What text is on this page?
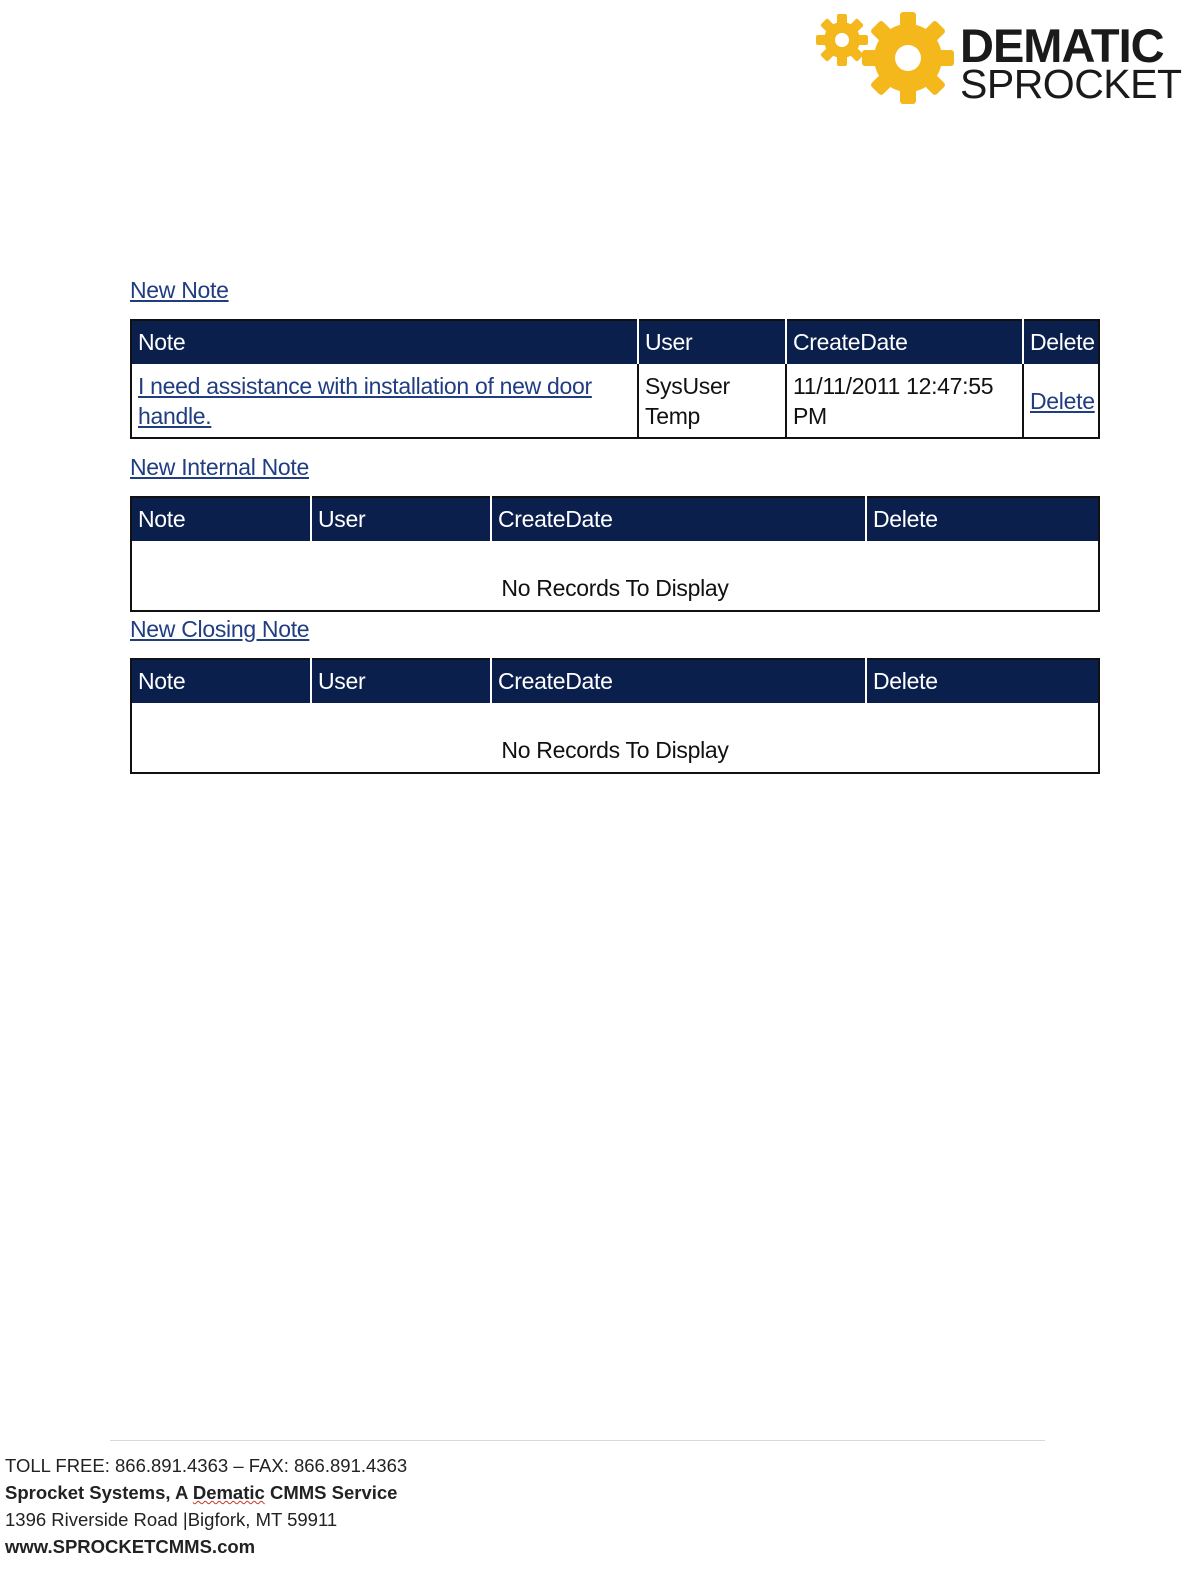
DEMATIC
SPROCKET
New Note
Note	User	CreateDate	Delete
I need assistance with installation of new door handle.	SysUser Temp	11/11/2011 12:47:55 PM	Delete
New Internal Note

Note	User	CreateDate	Delete
No Records To Display
New Closing Note

Note	User	CreateDate	Delete
No Records To Display
TOLL FREE: 866.891.4363 – FAX: 866.891.4363
Sprocket Systems, A Dematic CMMS Service
1396 Riverside Road |Bigfork, MT 59911
www.SPROCKETCMMS.com
